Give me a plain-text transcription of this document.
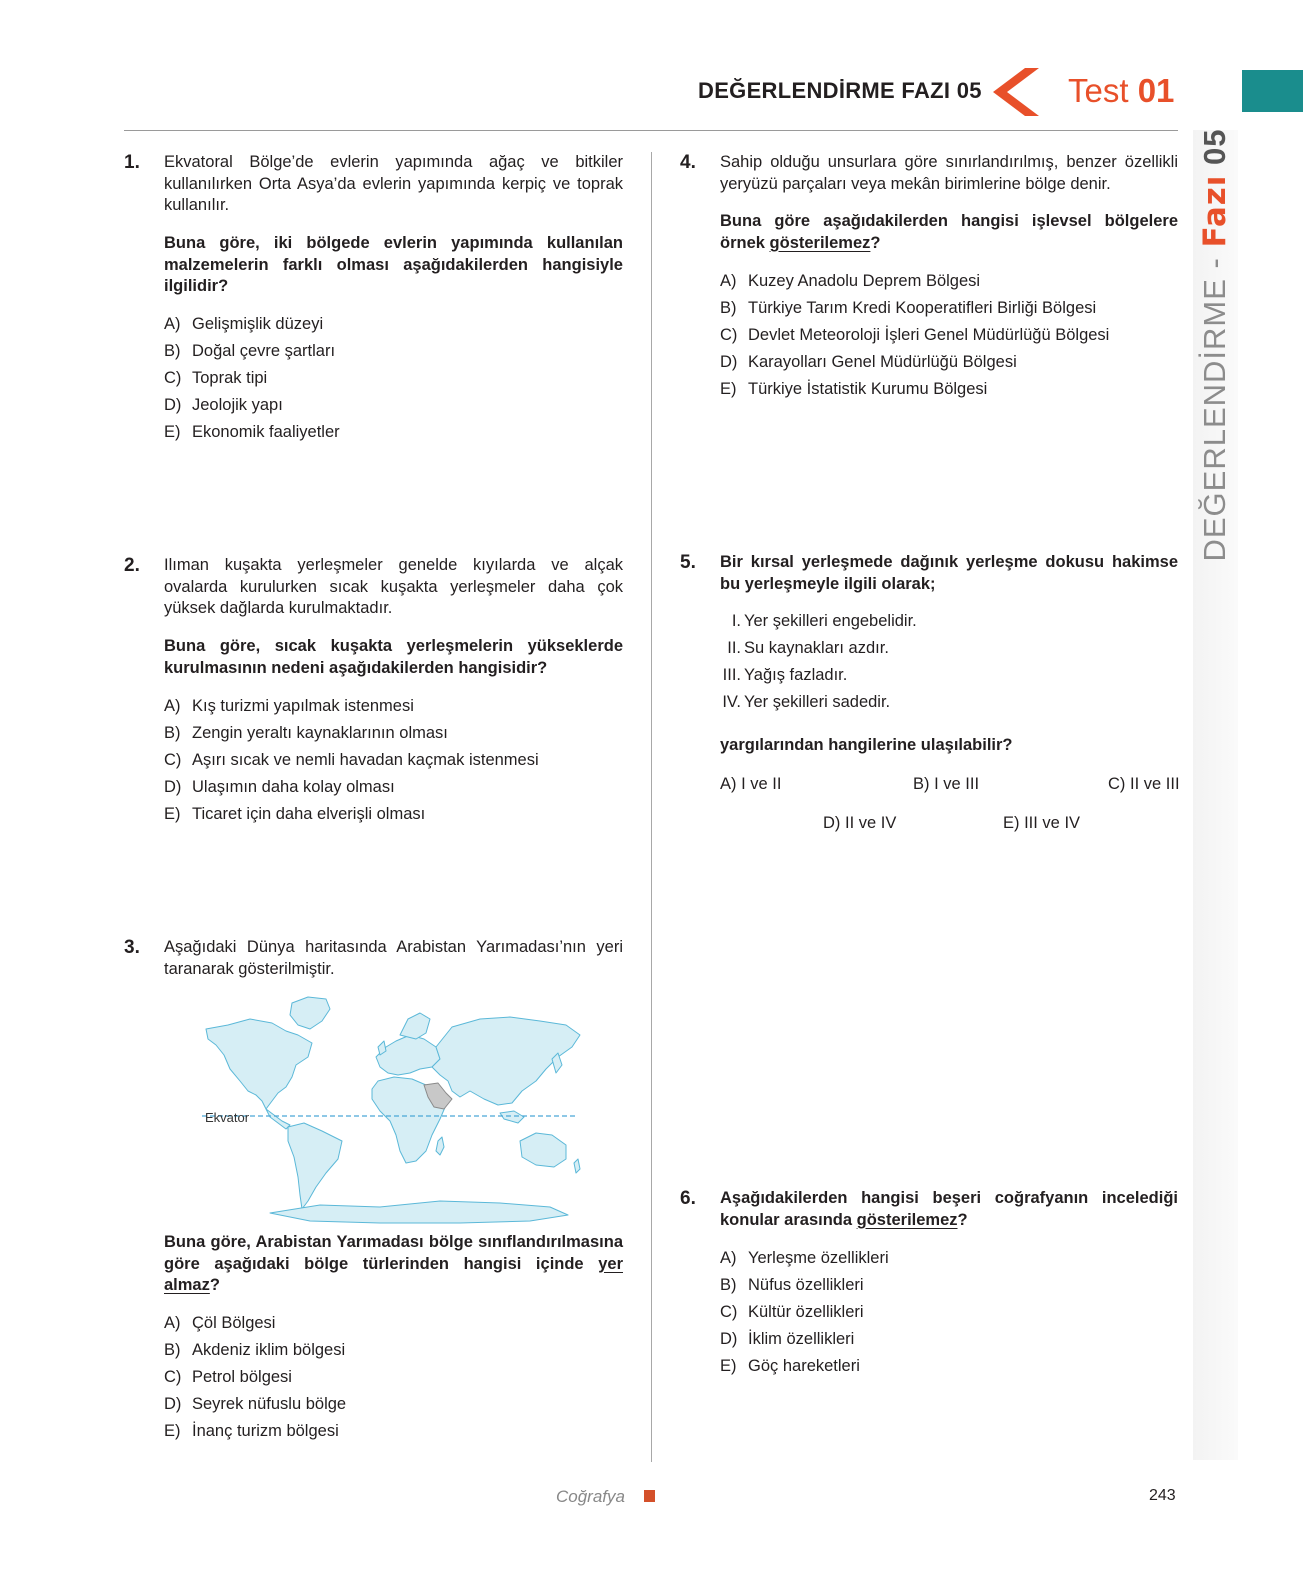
DEĞERLENDİRME FAZI 05	Test 01
DEĞERLENDİRME - Fazı 05
1. Ekvatoral Bölge’de evlerin yapımında ağaç ve bitkiler kullanılırken Orta Asya’da evlerin yapımında kerpiç ve toprak kullanılır.
Buna göre, iki bölgede evlerin yapımında kullanılan malzemelerin farklı olması aşağıdakilerden hangisiyle ilgilidir?
A) Gelişmişlik düzeyi
B) Doğal çevre şartları
C) Toprak tipi
D) Jeolojik yapı
E) Ekonomik faaliyetler
2. Ilıman kuşakta yerleşmeler genelde kıyılarda ve alçak ovalarda kurulurken sıcak kuşakta yerleşmeler daha çok yüksek dağlarda kurulmaktadır.
Buna göre, sıcak kuşakta yerleşmelerin yükseklerde kurulmasının nedeni aşağıdakilerden hangisidir?
A) Kış turizmi yapılmak istenmesi
B) Zengin yeraltı kaynaklarının olması
C) Aşırı sıcak ve nemli havadan kaçmak istenmesi
D) Ulaşımın daha kolay olması
E) Ticaret için daha elverişli olması
3. Aşağıdaki Dünya haritasında Arabistan Yarımadası’nın yeri taranarak gösterilmiştir.
Ekvator
Buna göre, Arabistan Yarımadası bölge sınıflandırılmasına göre aşağıdaki bölge türlerinden hangisi içinde yer almaz?
A) Çöl Bölgesi
B) Akdeniz iklim bölgesi
C) Petrol bölgesi
D) Seyrek nüfuslu bölge
E) İnanç turizm bölgesi
4. Sahip olduğu unsurlara göre sınırlandırılmış, benzer özellikli yeryüzü parçaları veya mekân birimlerine bölge denir.
Buna göre aşağıdakilerden hangisi işlevsel bölgelere örnek gösterilemez?
A) Kuzey Anadolu Deprem Bölgesi
B) Türkiye Tarım Kredi Kooperatifleri Birliği Bölgesi
C) Devlet Meteoroloji İşleri Genel Müdürlüğü Bölgesi
D) Karayolları Genel Müdürlüğü Bölgesi
E) Türkiye İstatistik Kurumu Bölgesi
5. Bir kırsal yerleşmede dağınık yerleşme dokusu hakimse bu yerleşmeyle ilgili olarak;
I. Yer şekilleri engebelidir.
II. Su kaynakları azdır.
III. Yağış fazladır.
IV. Yer şekilleri sadedir.
yargılarından hangilerine ulaşılabilir?
A) I ve II	B) I ve III	C) II ve III
D) II ve IV	E) III ve IV
6. Aşağıdakilerden hangisi beşeri coğrafyanın incelediği konular arasında gösterilemez?
A) Yerleşme özellikleri
B) Nüfus özellikleri
C) Kültür özellikleri
D) İklim özellikleri
E) Göç hareketleri
Coğrafya	243
